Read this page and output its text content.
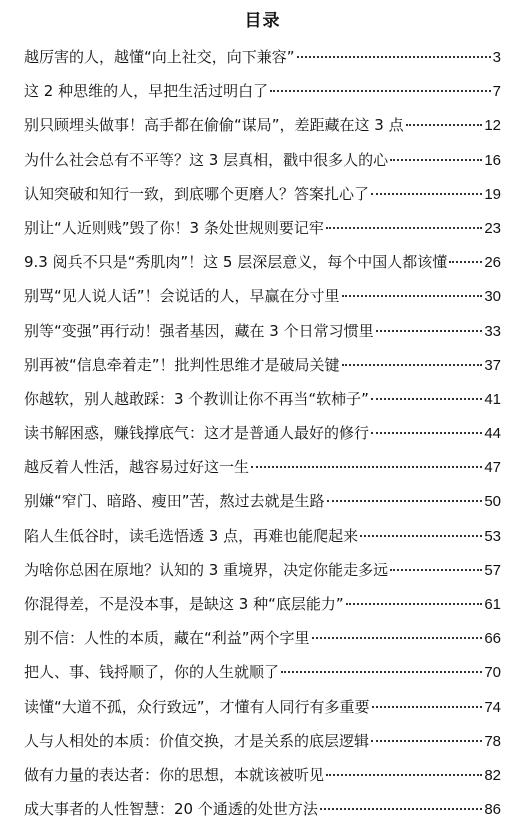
目录
越厉害的人，越懂“向上社交，向下兼容”	3
这 2 种思维的人，早把生活过明白了	7
别只顾埋头做事！高手都在偷偷“谋局”，差距藏在这 3 点	12
为什么社会总有不平等？这 3 层真相，戳中很多人的心	16
认知突破和知行一致，到底哪个更磨人？答案扎心了	19
别让“人近则贱”毁了你！3 条处世规则要记牢	23
9.3 阅兵不只是“秀肌肉”！这 5 层深层意义，每个中国人都该懂 26
别骂“见人说人话”！会说话的人，早赢在分寸里	30
别等“变强”再行动！强者基因，藏在 3 个日常习惯里	33
别再被“信息牵着走”！批判性思维才是破局关键	37
你越软，别人越敢踩：3 个教训让你不再当“软柿子”	41
读书解困惑，赚钱撑底气：这才是普通人最好的修行	44
越反着人性活，越容易过好这一生	47
别嫌“窄门、暗路、瘦田”苦，熬过去就是生路	50
陷人生低谷时，读毛选悟透 3 点，再难也能爬起来	53
为啥你总困在原地？认知的 3 重境界，决定你能走多远	57
你混得差，不是没本事，是缺这 3 种“底层能力”	61
别不信：人性的本质，藏在“利益”两个字里	66
把人、事、钱捋顺了，你的人生就顺了	70
读懂“大道不孤，众行致远”，才懂有人同行有多重要	74
人与人相处的本质：价值交换，才是关系的底层逻辑	78
做有力量的表达者：你的思想，本就该被听见	82
成大事者的人性智慧：20 个通透的处世方法	86
